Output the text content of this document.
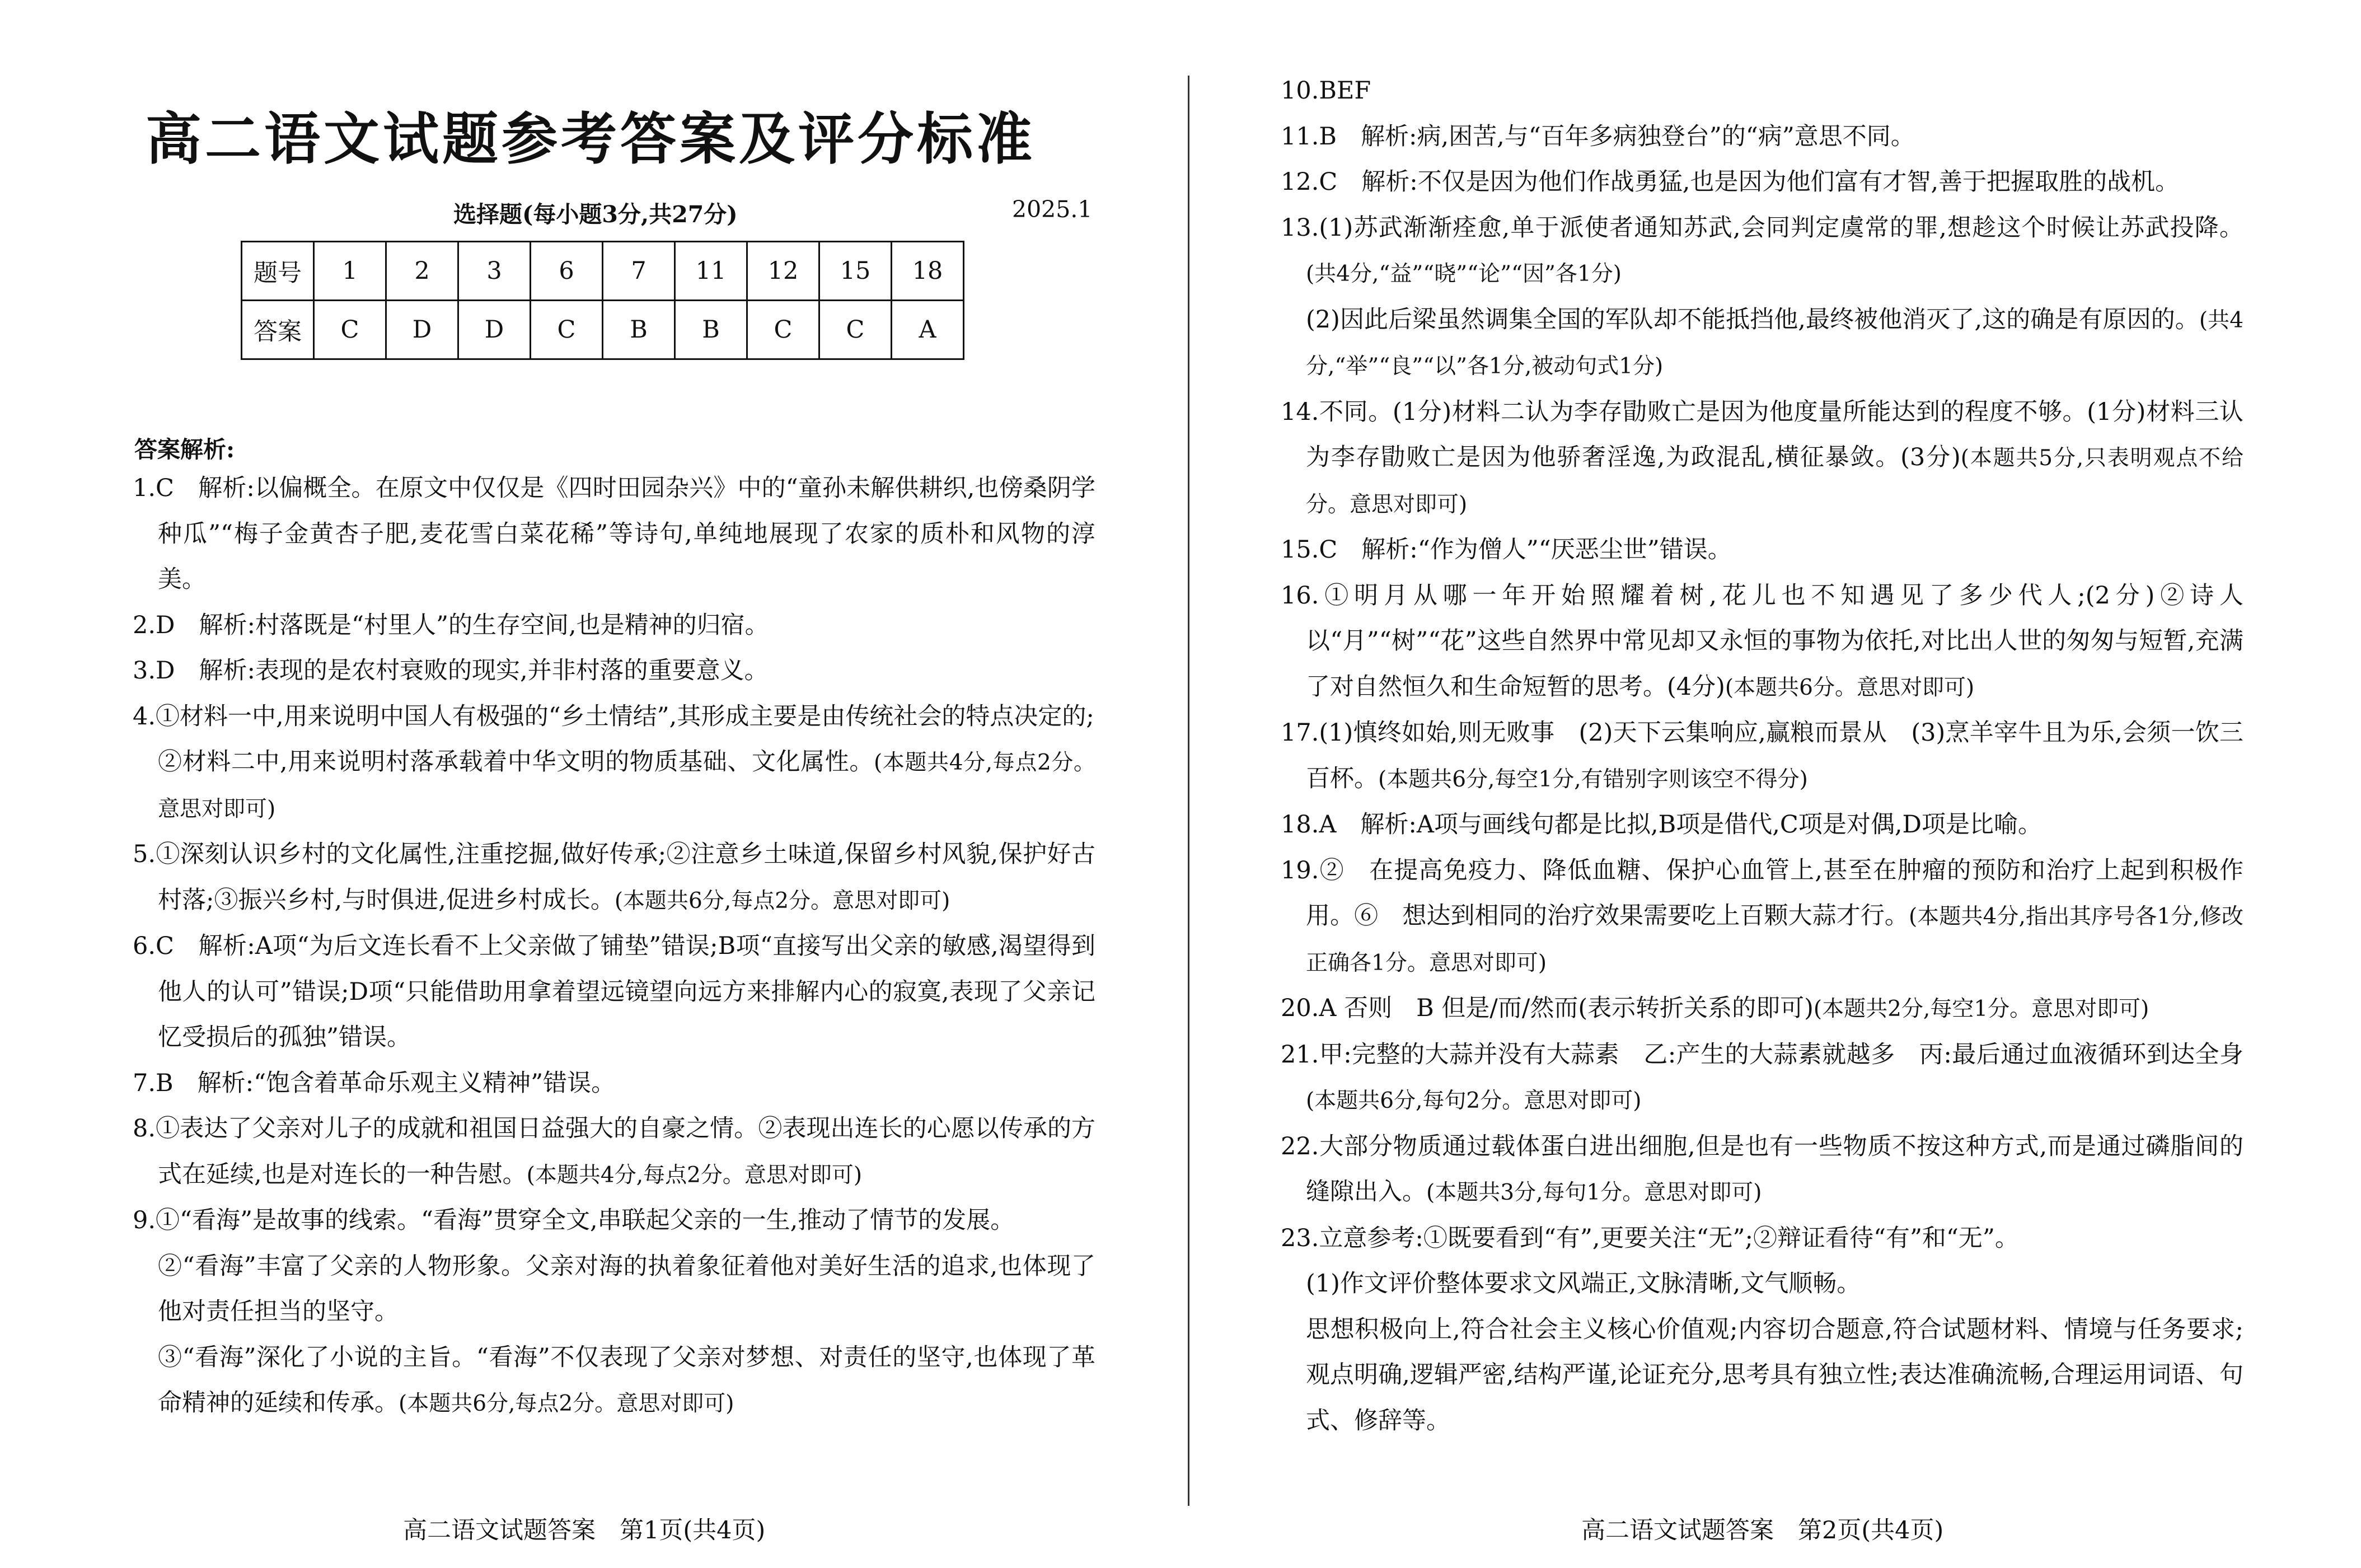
高二语文试题参考答案及评分标准
选择题(每小题3分,共27分)	2025.1
题号	1	2	3	6	7	11	12	15	18
答案	C	D	D	C	B	B	C	C	A
答案解析:

1.C　解析:以偏概全。在原文中仅仅是《四时田园杂兴》中的“童孙未解供耕织,也傍桑阴学种瓜”“梅子金黄杏子肥,麦花雪白菜花稀”等诗句,单纯地展现了农家的质朴和风物的淳美。

2.D　解析:村落既是“村里人”的生存空间,也是精神的归宿。

3.D　解析:表现的是农村衰败的现实,并非村落的重要意义。

4.①材料一中,用来说明中国人有极强的“乡土情结”,其形成主要是由传统社会的特点决定的;

②材料二中,用来说明村落承载着中华文明的物质基础、文化属性。(本题共4分,每点2分。意思对即可)

5.①深刻认识乡村的文化属性,注重挖掘,做好传承;②注意乡土味道,保留乡村风貌,保护好古村落;③振兴乡村,与时俱进,促进乡村成长。(本题共6分,每点2分。意思对即可)

6.C　解析:A项“为后文连长看不上父亲做了铺垫”错误;B项“直接写出父亲的敏感,渴望得到他人的认可”错误;D项“只能借助用拿着望远镜望向远方来排解内心的寂寞,表现了父亲记忆受损后的孤独”错误。

7.B　解析:“饱含着革命乐观主义精神”错误。

8.①表达了父亲对儿子的成就和祖国日益强大的自豪之情。②表现出连长的心愿以传承的方式在延续,也是对连长的一种告慰。(本题共4分,每点2分。意思对即可)

9.①“看海”是故事的线索。“看海”贯穿全文,串联起父亲的一生,推动了情节的发展。

②“看海”丰富了父亲的人物形象。父亲对海的执着象征着他对美好生活的追求,也体现了他对责任担当的坚守。

③“看海”深化了小说的主旨。“看海”不仅表现了父亲对梦想、对责任的坚守,也体现了革命精神的延续和传承。(本题共6分,每点2分。意思对即可)

高二语文试题答案　第1页(共4页)	高二语文试题答案　第2页(共4页)

10.BEF

11.B　解析:病,困苦,与“百年多病独登台”的“病”意思不同。

12.C　解析:不仅是因为他们作战勇猛,也是因为他们富有才智,善于把握取胜的战机。

13.(1)苏武渐渐痊愈,单于派使者通知苏武,会同判定虞常的罪,想趁这个时候让苏武投降。(共4分,“益”“晓”“论”“因”各1分)

(2)因此后梁虽然调集全国的军队却不能抵挡他,最终被他消灭了,这的确是有原因的。(共4分,“举”“良”“以”各1分,被动句式1分)

14.不同。(1分)材料二认为李存勖败亡是因为他度量所能达到的程度不够。(1分)材料三认为李存勖败亡是因为他骄奢淫逸,为政混乱,横征暴敛。(3分)(本题共5分,只表明观点不给分。意思对即可)

15.C　解析:“作为僧人”“厌恶尘世”错误。

16.①明月从哪一年开始照耀着树,花儿也不知遇见了多少代人;(2分)②诗人以“月”“树”“花”这些自然界中常见却又永恒的事物为依托,对比出人世的匆匆与短暂,充满了对自然恒久和生命短暂的思考。(4分)(本题共6分。意思对即可)

17.(1)慎终如始,则无败事　(2)天下云集响应,赢粮而景从　(3)烹羊宰牛且为乐,会须一饮三百杯。(本题共6分,每空1分,有错别字则该空不得分)

18.A　解析:A项与画线句都是比拟,B项是借代,C项是对偶,D项是比喻。

19.②　在提高免疫力、降低血糖、保护心血管上,甚至在肿瘤的预防和治疗上起到积极作用。⑥　想达到相同的治疗效果需要吃上百颗大蒜才行。(本题共4分,指出其序号各1分,修改正确各1分。意思对即可)

20.A 否则　B 但是/而/然而(表示转折关系的即可)(本题共2分,每空1分。意思对即可)

21.甲:完整的大蒜并没有大蒜素　乙:产生的大蒜素就越多　丙:最后通过血液循环到达全身(本题共6分,每句2分。意思对即可)

22.大部分物质通过载体蛋白进出细胞,但是也有一些物质不按这种方式,而是通过磷脂间的缝隙出入。(本题共3分,每句1分。意思对即可)

23.立意参考:①既要看到“有”,更要关注“无”;②辩证看待“有”和“无”。

(1)作文评价整体要求文风端正,文脉清晰,文气顺畅。

思想积极向上,符合社会主义核心价值观;内容切合题意,符合试题材料、情境与任务要求;观点明确,逻辑严密,结构严谨,论证充分,思考具有独立性;表达准确流畅,合理运用词语、句式、修辞等。
